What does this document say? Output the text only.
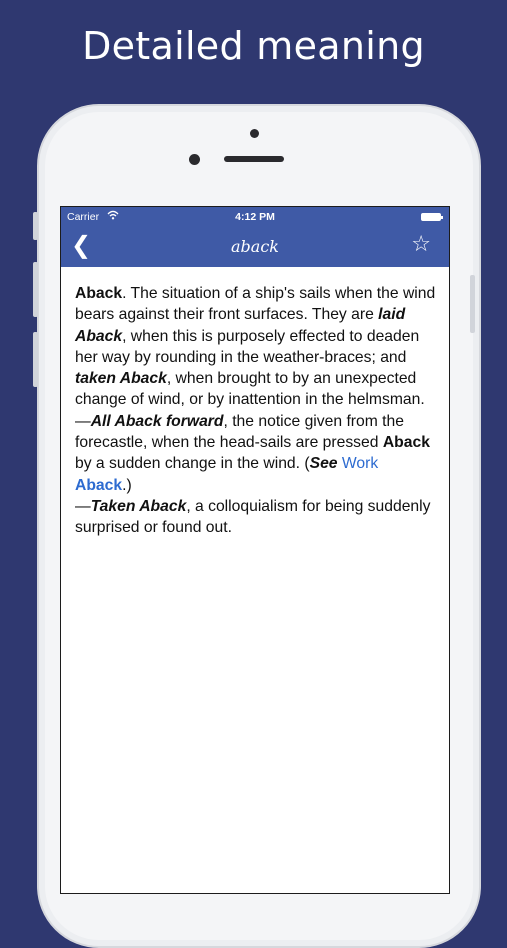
Detailed meaning
Carrier	4:12 PM
❮	aback	☆
Aback. The situation of a ship's sails when the wind bears against their front surfaces. They are laid Aback, when this is purposely effected to deaden her way by rounding in the weather-braces; and taken Aback, when brought to by an unexpected change of wind, or by inattention in the helmsman.—All Aback forward, the notice given from the forecastle, when the head-sails are pressed Aback by a sudden change in the wind. (See Work Aback.)
—Taken Aback, a colloquialism for being suddenly surprised or found out.
